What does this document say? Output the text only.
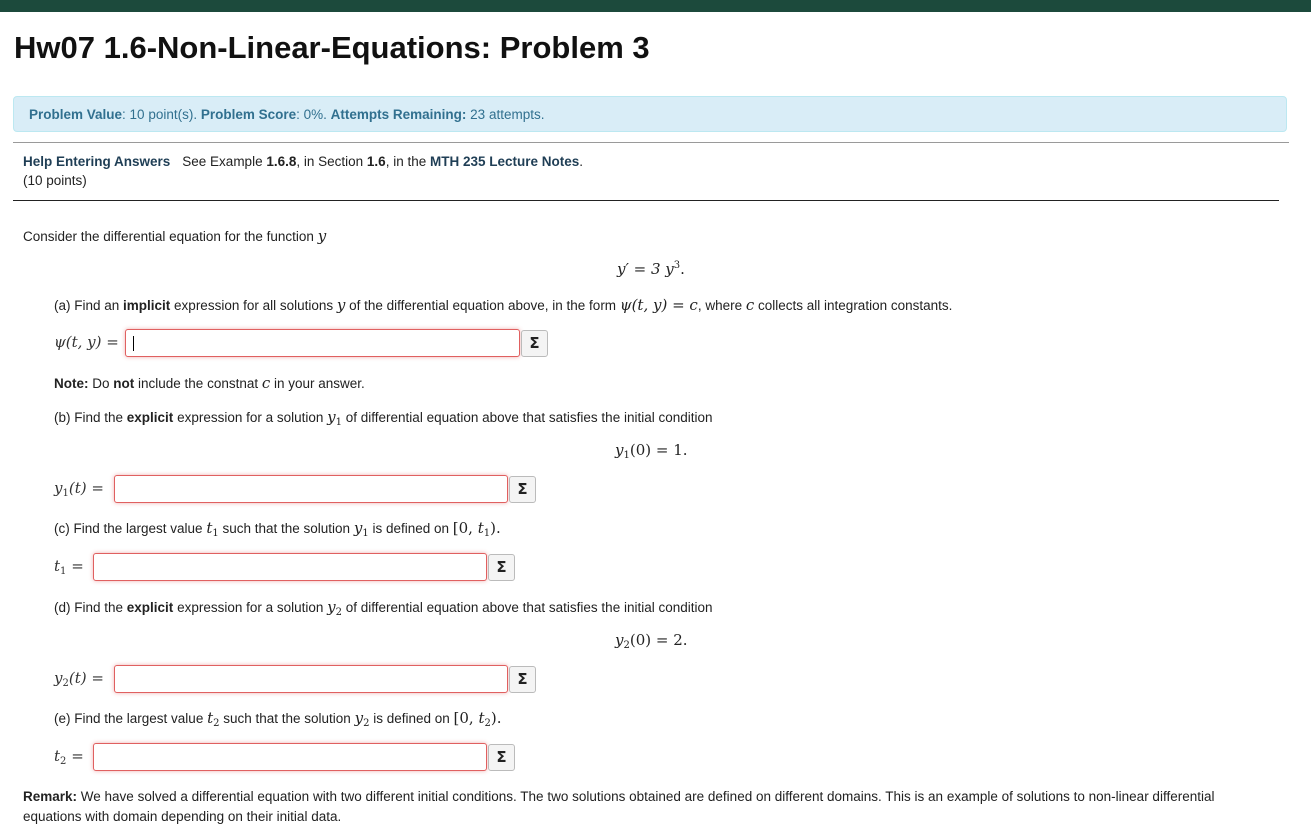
Hw07 1.6-Non-Linear-Equations: Problem 3
Problem Value: 10 point(s). Problem Score: 0%. Attempts Remaining: 23 attempts.
Help Entering Answers See Example 1.6.8, in Section 1.6, in the MTH 235 Lecture Notes.
(10 points)
Consider the differential equation for the function y
y′ = 3 $y^3$.
(a) Find an implicit expression for all solutions y of the differential equation above, in the form ψ(t, y) = c, where c collects all integration constants.
ψ(t, y) =	Σ
Note: Do not include the constnat c in your answer.
(b) Find the explicit expression for a solution $y_1$ of differential equation above that satisfies the initial condition
$y_1(0) = 1$.
$y_1(t)$ =	Σ
(c) Find the largest value $t_1$ such that the solution $y_1$ is defined on [0, $t_1$).
$t_1$ =	Σ
(d) Find the explicit expression for a solution $y_2$ of differential equation above that satisfies the initial condition
$y_2(0) = 2$.
$y_2(t)$ =	Σ
(e) Find the largest value $t_2$ such that the solution $y_2$ is defined on [0, $t_2$).
$t_2$ =	Σ
Remark: We have solved a differential equation with two different initial conditions. The two solutions obtained are defined on different domains. This is an example of solutions to non-linear differential
equations with domain depending on their initial data.
